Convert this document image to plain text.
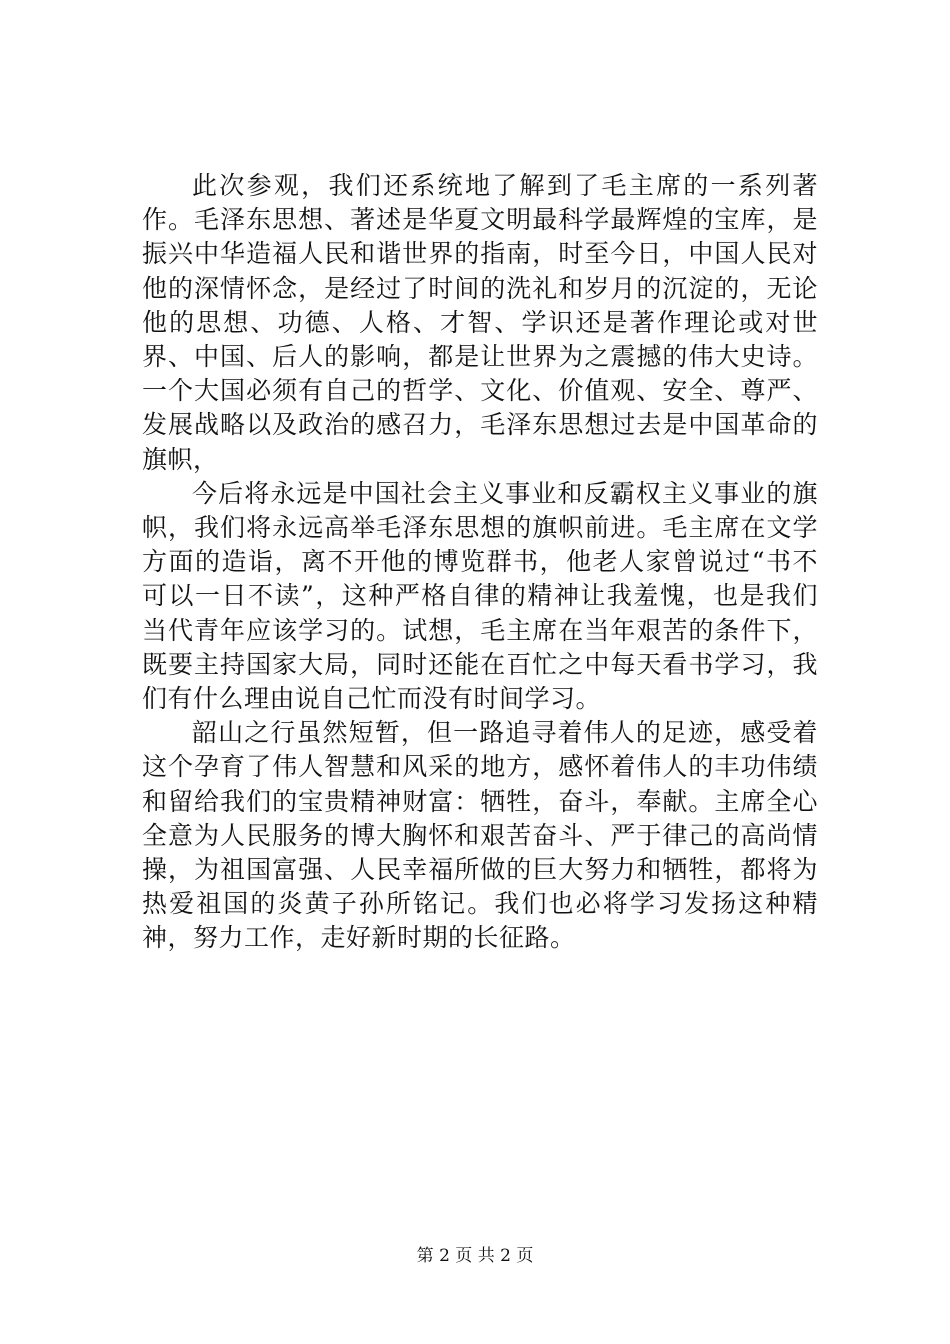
此次参观，我们还系统地了解到了毛主席的一系列著作。毛泽东思想、著述是华夏文明最科学最辉煌的宝库，是振兴中华造福人民和谐世界的指南，时至今日，中国人民对他的深情怀念，是经过了时间的洗礼和岁月的沉淀的，无论他的思想、功德、人格、才智、学识还是著作理论或对世界、中国、后人的影响，都是让世界为之震撼的伟大史诗。一个大国必须有自己的哲学、文化、价值观、安全、尊严、发展战略以及政治的感召力，毛泽东思想过去是中国革命的旗帜，

今后将永远是中国社会主义事业和反霸权主义事业的旗帜，我们将永远高举毛泽东思想的旗帜前进。毛主席在文学方面的造诣，离不开他的博览群书，他老人家曾说过“书不可以一日不读”，这种严格自律的精神让我羞愧，也是我们当代青年应该学习的。试想，毛主席在当年艰苦的条件下，既要主持国家大局，同时还能在百忙之中每天看书学习，我们有什么理由说自己忙而没有时间学习。

韶山之行虽然短暂，但一路追寻着伟人的足迹，感受着这个孕育了伟人智慧和风采的地方，感怀着伟人的丰功伟绩和留给我们的宝贵精神财富：牺牲，奋斗，奉献。主席全心全意为人民服务的博大胸怀和艰苦奋斗、严于律己的高尚情操，为祖国富强、人民幸福所做的巨大努力和牺牲，都将为热爱祖国的炎黄子孙所铭记。我们也必将学习发扬这种精神，努力工作，走好新时期的长征路。

第 2 页 共 2 页
